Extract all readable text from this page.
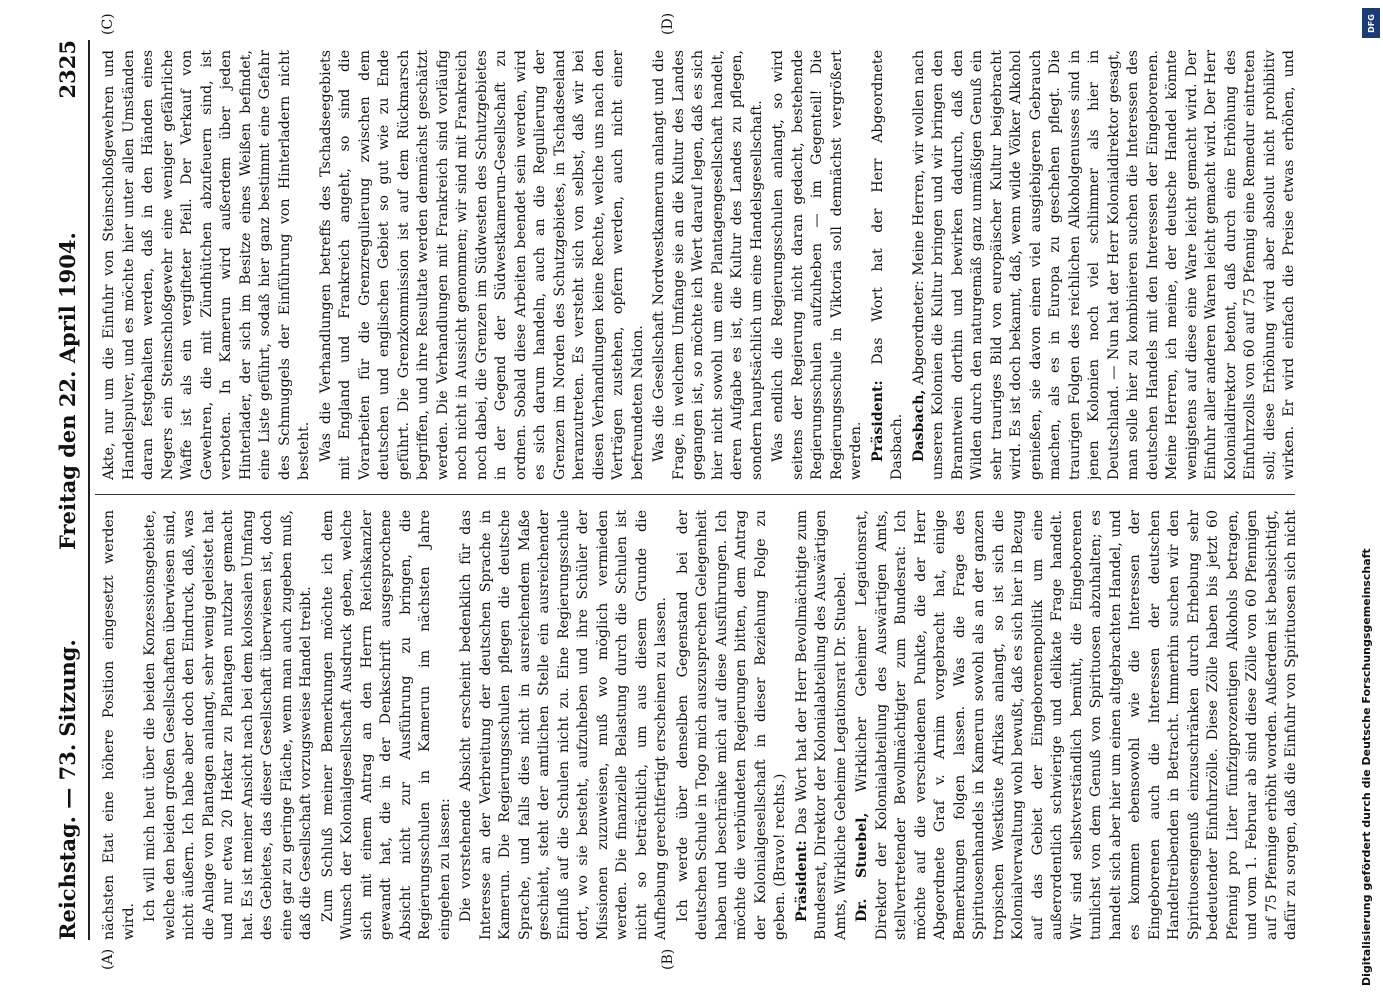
Reichstag. — 73. Sitzung.
Freitag den 22. April 1904.
2325
(A)	(B)
(C)	(D)

nächsten Etat eine höhere Position eingesetzt werden wird. Ich will mich heut über die beiden Konzessionsgebiete, welche den beiden großen Gesellschaften überwiesen sind, nicht äußern. Ich habe aber doch den Eindruck, daß, was die Anlage von Plantagen anlangt, sehr wenig geleistet hat und nur etwa 20 Hektar zu Plantagen nutzbar gemacht hat. Es ist meiner Ansicht nach bei dem kolossalen Umfang des Gebietes, das dieser Gesellschaft überwiesen ist, doch eine gar zu geringe Fläche, wenn man auch zugeben muß, daß die Gesellschaft vorzugsweise Handel treibt. Zum Schluß meiner Bemerkungen möchte ich dem Wunsch der Kolonialgesellschaft Ausdruck geben, welche sich mit einem Antrag an den Herrn Reichskanzler gewandt hat, die in der Denkschrift ausgesprochene Absicht nicht zur Ausführung zu bringen, die Regierungsschulen in Kamerun im nächsten Jahre eingehen zu lassen: Die vorstehende Absicht erscheint bedenklich für das Interesse an der Verbreitung der deutschen Sprache in Kamerun. Die Regierungsschulen pflegen die deutsche Sprache, und falls dies nicht in ausreichendem Maße geschieht, steht der amtlichen Stelle ein ausreichender Einfluß auf die Schulen nicht zu. Eine Regierungsschule dort, wo sie besteht, aufzuheben und ihre Schüler der Missionen zuzuweisen, muß wo möglich vermieden werden. Die finanzielle Belastung durch die Schulen ist nicht so beträchtlich, um aus diesem Grunde die Aufhebung gerechtfertigt erscheinen zu lassen. Ich werde über denselben Gegenstand bei der deutschen Schule in Togo mich auszusprechen Gelegenheit haben und beschränke mich auf diese Ausführungen. Ich möchte die verbündeten Regierungen bitten, dem Antrag der Kolonialgesellschaft in dieser Beziehung Folge zu geben. (Bravo! rechts.) Präsident: Das Wort hat der Herr Bevollmächtigte zum Bundesrat, Direktor der Kolonialabteilung des Auswärtigen Amts, Wirkliche Geheime Legationsrat Dr. Stuebel. Dr. Stuebel, Wirklicher Geheimer Legationsrat, Direktor der Kolonialabteilung des Auswärtigen Amts, stellvertretender Bevollmächtigter zum Bundesrat: Ich möchte auf die verschiedenen Punkte, die der Herr Abgeordnete Graf v. Arnim vorgebracht hat, einige Bemerkungen folgen lassen. Was die Frage des Spirituosenhandels in Kamerun sowohl als an der ganzen tropischen Westküste Afrikas anlangt, so ist sich die Kolonialverwaltung wohl bewußt, daß es sich hier in Bezug auf das Gebiet der Eingeborenenpolitik um eine außerordentlich schwierige und delikate Frage handelt. Wir sind selbstverständlich bemüht, die Eingeborenen tunlichst von dem Genuß von Spirituosen abzuhalten; es handelt sich aber hier um einen altgebrachten Handel, und es kommen ebensowohl wie die Interessen der Eingeborenen auch die Interessen der deutschen Handeltreibenden in Betracht. Immerhin suchen wir den Spirituosengenuß einzuschränken durch Erhebung sehr bedeutender Einfuhrzölle. Diese Zölle haben bis jetzt 60 Pfennig pro Liter fünfzigprozentigen Alkohols betragen, und vom 1. Februar ab sind diese Zölle von 60 Pfennigen auf 75 Pfennige erhöht worden. Außerdem ist beabsichtigt, dafür zu sorgen, daß die Einfuhr von Spirituosen sich nicht

Akte, nur um die Einfuhr von Steinschloßgewehren und Handelspulver, und es möchte hier unter allen Umständen daran festgehalten werden, daß in den Händen eines Negers ein Steinschloßgewehr eine weniger gefährliche Waffe ist als ein vergifteter Pfeil. Der Verkauf von Gewehren, die mit Zündhütchen abzufeuern sind, ist verboten. In Kamerun wird außerdem über jeden Hinterlader, der sich im Besitze eines Weißen befindet, eine Liste geführt, sodaß hier ganz bestimmt eine Gefahr des Schmuggels der Einführung von Hinterladern nicht besteht. Was die Verhandlungen betreffs des Tschadseegebiets mit England und Frankreich angeht, so sind die Vorarbeiten für die Grenzregulierung zwischen dem deutschen und englischen Gebiet so gut wie zu Ende geführt. Die Grenzkommission ist auf dem Rückmarsch begriffen, und ihre Resultate werden demnächst geschätzt werden. Die Verhandlungen mit Frankreich sind vorläufig noch nicht in Aussicht genommen; wir sind mit Frankreich noch dabei, die Grenzen im Südwesten des Schutzgebietes in der Gegend der Südwestkamerun-Gesellschaft zu ordnen. Sobald diese Arbeiten beendet sein werden, wird es sich darum handeln, auch an die Regulierung der Grenzen im Norden des Schutzgebietes, in Tschadseeland heranzutreten. Es versteht sich von selbst, daß wir bei diesen Verhandlungen keine Rechte, welche uns nach den Verträgen zustehen, opfern werden, auch nicht einer befreundeten Nation. Was die Gesellschaft Nordwestkamerun anlangt und die Frage, in welchem Umfange sie an die Kultur des Landes gegangen ist, so möchte ich Wert darauf legen, daß es sich hier nicht sowohl um eine Plantagengesellschaft handelt, deren Aufgabe es ist, die Kultur des Landes zu pflegen, sondern hauptsächlich um eine Handelsgesellschaft. Was endlich die Regierungsschulen anlangt, so wird seitens der Regierung nicht daran gedacht, bestehende Regierungsschulen aufzuheben — im Gegenteil! Die Regierungsschule in Viktoria soll demnächst vergrößert werden. Präsident: Das Wort hat der Herr Abgeordnete Dasbach. Dasbach, Abgeordneter: Meine Herren, wir wollen nach unseren Kolonien die Kultur bringen und wir bringen den Branntwein dorthin und bewirken dadurch, daß den Wilden durch den naturgemäß ganz unmäßigen Genuß ein sehr trauriges Bild von europäischer Kultur beigebracht wird. Es ist doch bekannt, daß, wenn wilde Völker Alkohol genießen, sie davon einen viel ausgiebigeren Gebrauch machen, als es in Europa zu geschehen pflegt. Die traurigen Folgen des reichlichen Alkoholgenusses sind in jenen Kolonien noch viel schlimmer als hier in Deutschland. — Nun hat der Herr Kolonialdirektor gesagt, man solle hier zu kombinieren suchen die Interessen des deutschen Handels mit den Interessen der Eingeborenen. Meine Herren, ich meine, der deutsche Handel könnte wenigstens auf diese eine Ware leicht gemacht wird. Der Einfuhr aller anderen Waren leicht gemacht wird. Der Herr Kolonialdirektor betont, daß durch eine Erhöhung des Einfuhrzolls von 60 auf 75 Pfennig eine Remedur eintreten soll; diese Erhöhung wird aber absolut nicht prohibitiv wirken. Er wird einfach die Preise etwas erhöhen, und

DFG
Digitalisierung gefördert durch die Deutsche Forschungsgemeinschaft
